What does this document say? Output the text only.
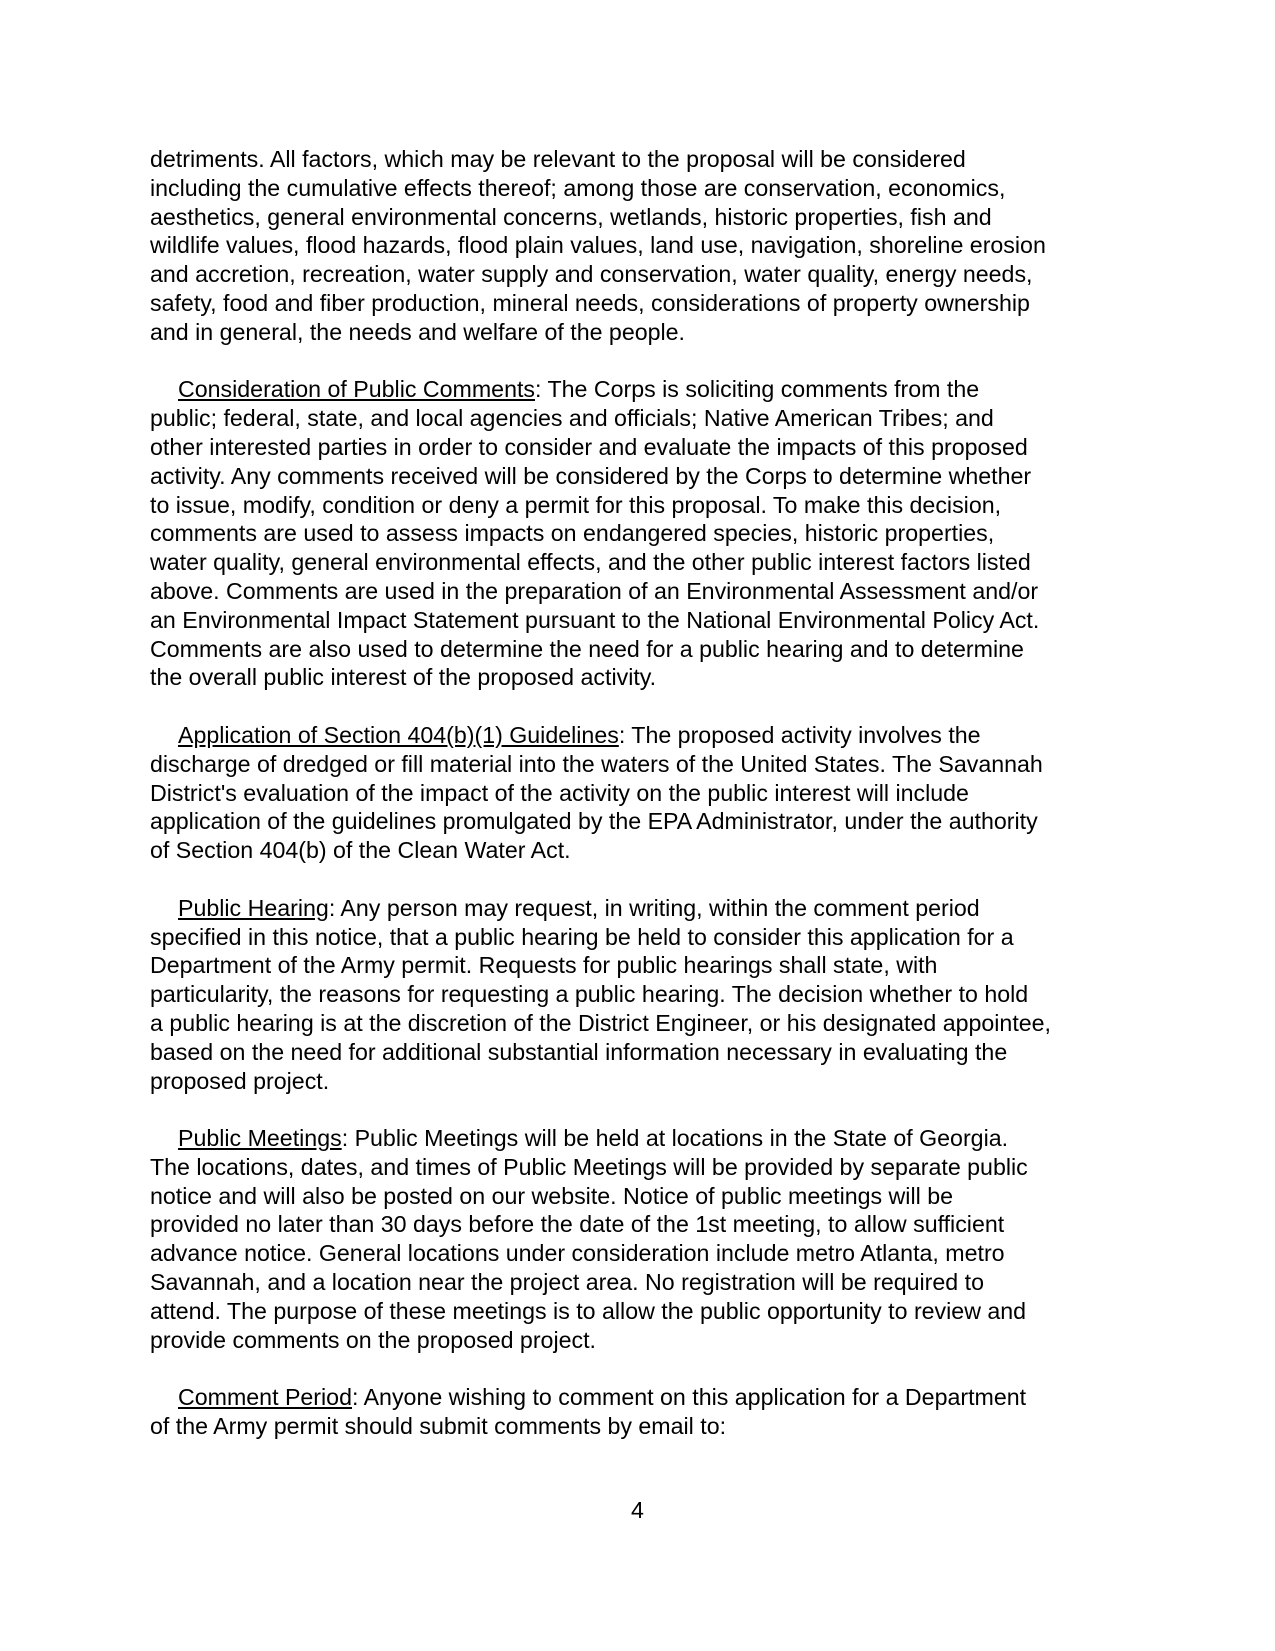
detriments. All factors, which may be relevant to the proposal will be considered
including the cumulative effects thereof; among those are conservation, economics,
aesthetics, general environmental concerns, wetlands, historic properties, fish and
wildlife values, flood hazards, flood plain values, land use, navigation, shoreline erosion
and accretion, recreation, water supply and conservation, water quality, energy needs,
safety, food and fiber production, mineral needs, considerations of property ownership
and in general, the needs and welfare of the people.

Consideration of Public Comments: The Corps is soliciting comments from the
public; federal, state, and local agencies and officials; Native American Tribes; and
other interested parties in order to consider and evaluate the impacts of this proposed
activity. Any comments received will be considered by the Corps to determine whether
to issue, modify, condition or deny a permit for this proposal. To make this decision,
comments are used to assess impacts on endangered species, historic properties,
water quality, general environmental effects, and the other public interest factors listed
above. Comments are used in the preparation of an Environmental Assessment and/or
an Environmental Impact Statement pursuant to the National Environmental Policy Act.
Comments are also used to determine the need for a public hearing and to determine
the overall public interest of the proposed activity.

Application of Section 404(b)(1) Guidelines: The proposed activity involves the
discharge of dredged or fill material into the waters of the United States. The Savannah
District's evaluation of the impact of the activity on the public interest will include
application of the guidelines promulgated by the EPA Administrator, under the authority
of Section 404(b) of the Clean Water Act.

Public Hearing: Any person may request, in writing, within the comment period
specified in this notice, that a public hearing be held to consider this application for a
Department of the Army permit. Requests for public hearings shall state, with
particularity, the reasons for requesting a public hearing. The decision whether to hold
a public hearing is at the discretion of the District Engineer, or his designated appointee,
based on the need for additional substantial information necessary in evaluating the
proposed project.

Public Meetings: Public Meetings will be held at locations in the State of Georgia.
The locations, dates, and times of Public Meetings will be provided by separate public
notice and will also be posted on our website. Notice of public meetings will be
provided no later than 30 days before the date of the 1st meeting, to allow sufficient
advance notice. General locations under consideration include metro Atlanta, metro
Savannah, and a location near the project area. No registration will be required to
attend. The purpose of these meetings is to allow the public opportunity to review and
provide comments on the proposed project.

Comment Period: Anyone wishing to comment on this application for a Department
of the Army permit should submit comments by email to:

4
